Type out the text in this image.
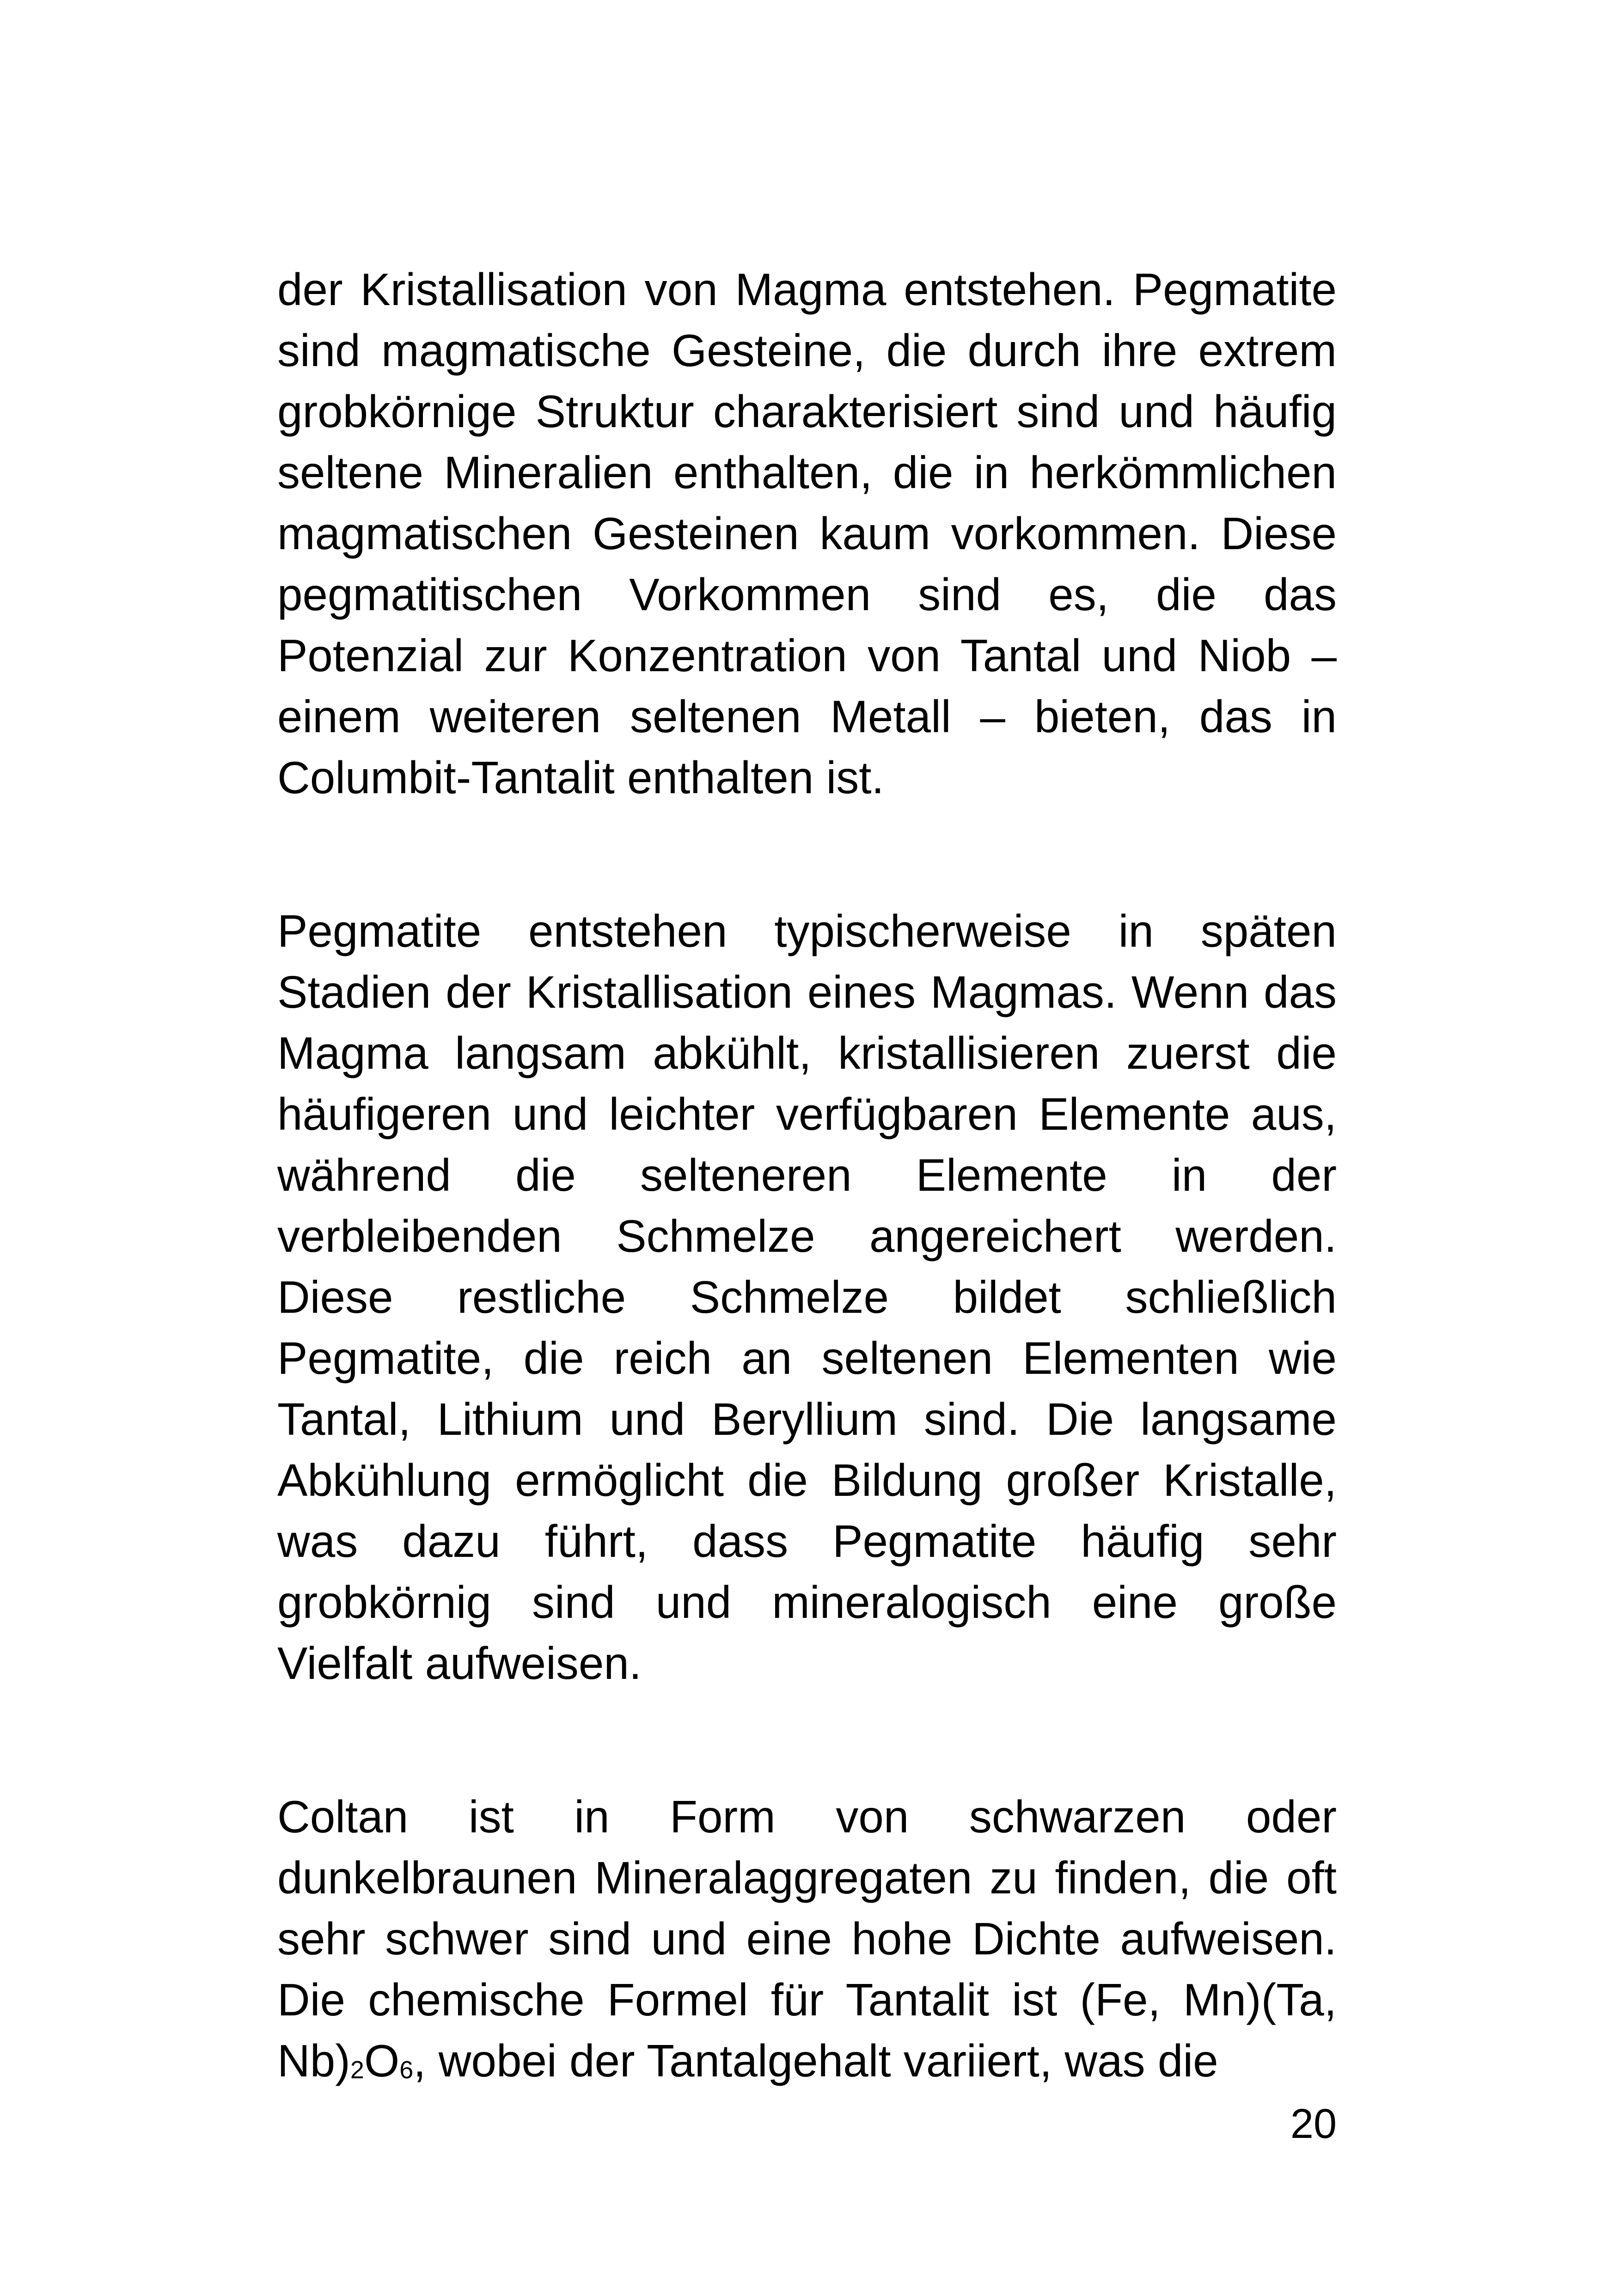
der Kristallisation von Magma entstehen. Pegmatite sind magmatische Gesteine, die durch ihre extrem grobkörnige Struktur charakterisiert sind und häufig seltene Mineralien enthalten, die in herkömmlichen magmatischen Gesteinen kaum vorkommen. Diese pegmatitischen Vorkommen sind es, die das Potenzial zur Konzentration von Tantal und Niob – einem weiteren seltenen Metall – bieten, das in Columbit-Tantalit enthalten ist.

Pegmatite entstehen typischerweise in späten Stadien der Kristallisation eines Magmas. Wenn das Magma langsam abkühlt, kristallisieren zuerst die häufigeren und leichter verfügbaren Elemente aus, während die selteneren Elemente in der verbleibenden Schmelze angereichert werden. Diese restliche Schmelze bildet schließlich Pegmatite, die reich an seltenen Elementen wie Tantal, Lithium und Beryllium sind. Die langsame Abkühlung ermöglicht die Bildung großer Kristalle, was dazu führt, dass Pegmatite häufig sehr grobkörnig sind und mineralogisch eine große Vielfalt aufweisen.

Coltan ist in Form von schwarzen oder dunkelbraunen Mineralaggregaten zu finden, die oft sehr schwer sind und eine hohe Dichte aufweisen. Die chemische Formel für Tantalit ist (Fe, Mn)(Ta, Nb)2O6, wobei der Tantalgehalt variiert, was die

20
